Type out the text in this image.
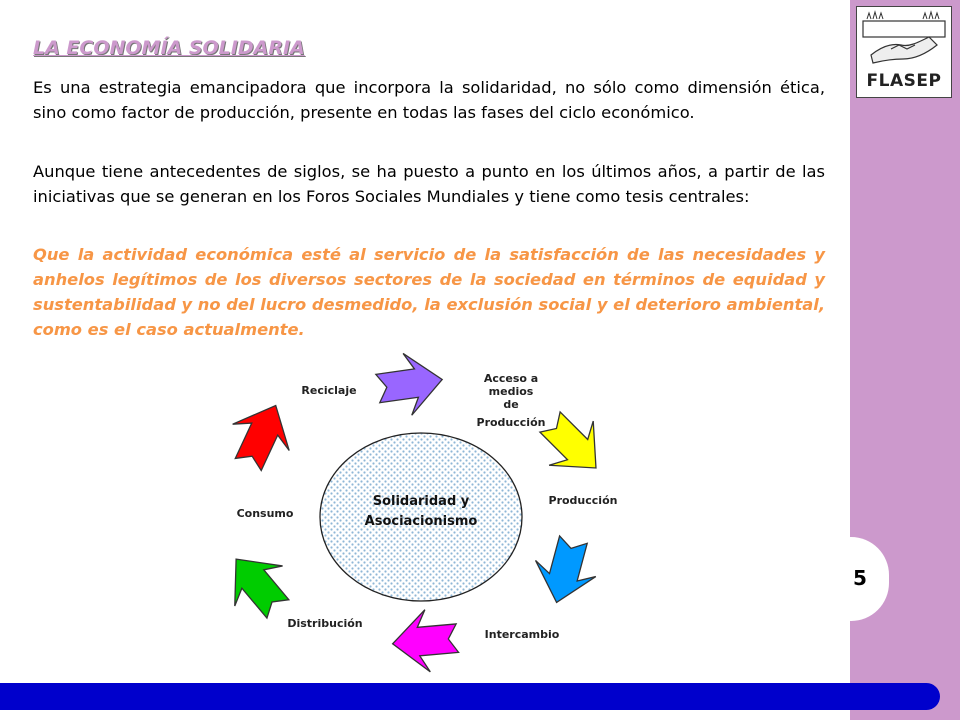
FLASEP
5
LA ECONOMÍA SOLIDARIA

Es una estrategia emancipadora que incorpora la solidaridad, no sólo como dimensión ética, sino como factor de producción, presente en todas las fases del ciclo económico.

Aunque tiene antecedentes de siglos, se ha puesto a punto en los últimos años, a partir de las iniciativas que se generan en los Foros Sociales Mundiales y tiene como tesis centrales:

Que la actividad económica esté al servicio de la satisfacción de las necesidades y anhelos legítimos de los diversos sectores de la sociedad en términos de equidad y sustentabilidad y no del lucro desmedido, la exclusión social y el deterioro ambiental, como es el caso actualmente.

Solidaridad y
Asociacionismo
Acceso a
medios
de
Producción
Producción
Intercambio
Distribución
Consumo
Reciclaje
